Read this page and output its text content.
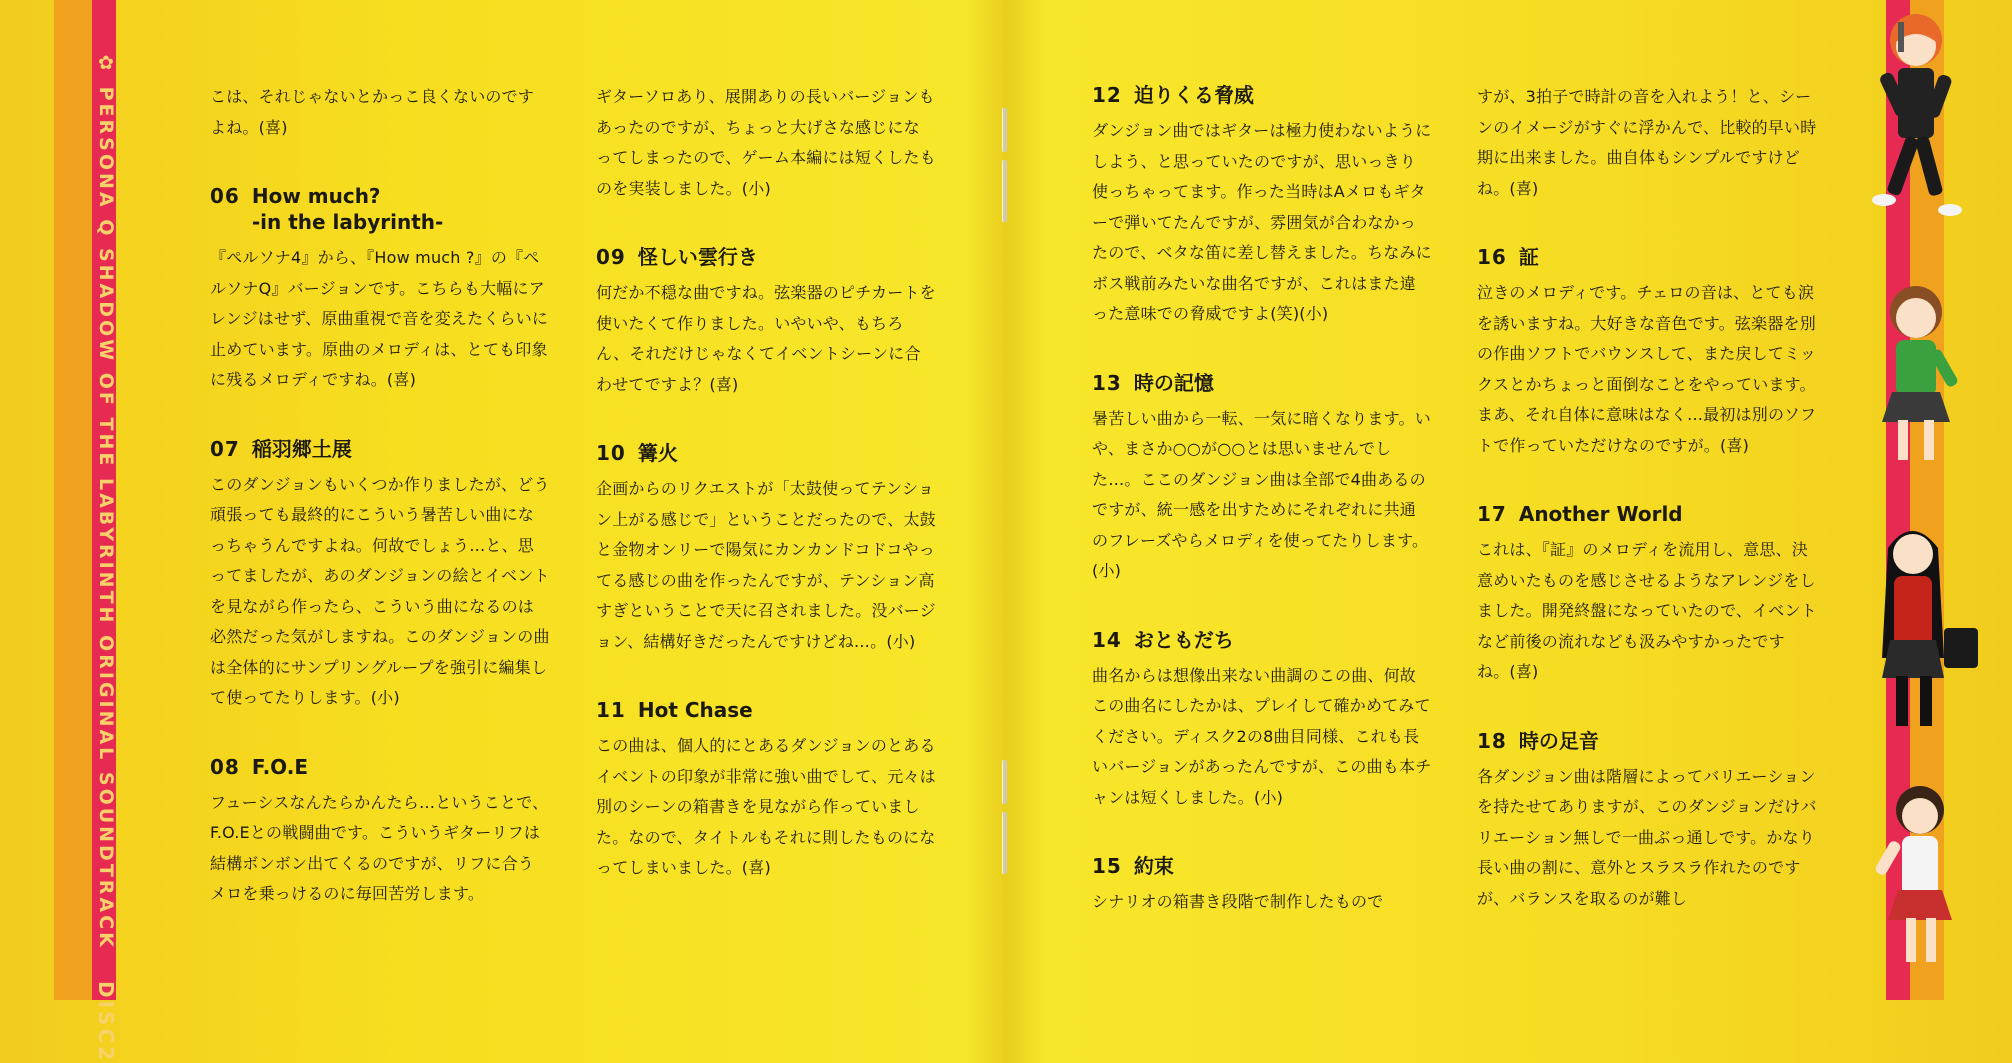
✿ PERSONA Q SHADOW OF THE LABYRINTH ORIGINAL SOUNDTRACK DISC2

こは、それじゃないとかっこ良くないのですよね。(喜)

06 How much?
-in the labyrinth-

『ペルソナ4』から、『How much ?』の『ペルソナQ』バージョンです。こちらも大幅にアレンジはせず、原曲重視で音を変えたくらいに止めています。原曲のメロディは、とても印象に残るメロディですね。(喜)

07 稲羽郷土展

このダンジョンもいくつか作りましたが、どう頑張っても最終的にこういう暑苦しい曲になっちゃうんですよね。何故でしょう…と、思ってましたが、あのダンジョンの絵とイベントを見ながら作ったら、こういう曲になるのは必然だった気がしますね。このダンジョンの曲は全体的にサンプリングループを強引に編集して使ってたりします。(小)

08 F.O.E

フューシスなんたらかんたら…ということで、F.O.Eとの戦闘曲です。こういうギターリフは結構ボンボン出てくるのですが、リフに合うメロを乗っけるのに毎回苦労します。

ギターソロあり、展開ありの長いバージョンもあったのですが、ちょっと大げさな感じになってしまったので、ゲーム本編には短くしたものを実装しました。(小)

09 怪しい雲行き

何だか不穏な曲ですね。弦楽器のピチカートを使いたくて作りました。いやいや、もちろん、それだけじゃなくてイベントシーンに合わせてですよ？(喜)

10 篝火

企画からのリクエストが「太鼓使ってテンション上がる感じで」ということだったので、太鼓と金物オンリーで陽気にカンカンドコドコやってる感じの曲を作ったんですが、テンション高すぎということで天に召されました。没バージョン、結構好きだったんですけどね…。(小)

11 Hot Chase

この曲は、個人的にとあるダンジョンのとあるイベントの印象が非常に強い曲でして、元々は別のシーンの箱書きを見ながら作っていました。なので、タイトルもそれに則したものになってしまいました。(喜)

12 迫りくる脅威

ダンジョン曲ではギターは極力使わないようにしよう、と思っていたのですが、思いっきり使っちゃってます。作った当時はAメロもギターで弾いてたんですが、雰囲気が合わなかったので、ベタな笛に差し替えました。ちなみにボス戦前みたいな曲名ですが、これはまた違った意味での脅威ですよ(笑)(小)

13 時の記憶

暑苦しい曲から一転、一気に暗くなります。いや、まさか○○が○○とは思いませんでした…。ここのダンジョン曲は全部で4曲あるのですが、統一感を出すためにそれぞれに共通のフレーズやらメロディを使ってたりします。(小)

14 おともだち

曲名からは想像出来ない曲調のこの曲、何故この曲名にしたかは、プレイして確かめてみてください。ディスク2の8曲目同様、これも長いバージョンがあったんですが、この曲も本チャンは短くしました。(小)

15 約束

シナリオの箱書き段階で制作したもので

すが、3拍子で時計の音を入れよう！と、シーンのイメージがすぐに浮かんで、比較的早い時期に出来ました。曲自体もシンプルですけどね。(喜)

16 証

泣きのメロディです。チェロの音は、とても涙を誘いますね。大好きな音色です。弦楽器を別の作曲ソフトでバウンスして、また戻してミックスとかちょっと面倒なことをやっています。まあ、それ自体に意味はなく…最初は別のソフトで作っていただけなのですが。(喜)

17 Another World

これは、『証』のメロディを流用し、意思、決意めいたものを感じさせるようなアレンジをしました。開発終盤になっていたので、イベントなど前後の流れなども汲みやすかったですね。(喜)

18 時の足音

各ダンジョン曲は階層によってバリエーションを持たせてありますが、このダンジョンだけバリエーション無しで一曲ぶっ通しです。かなり長い曲の割に、意外とスラスラ作れたのですが、バランスを取るのが難し
